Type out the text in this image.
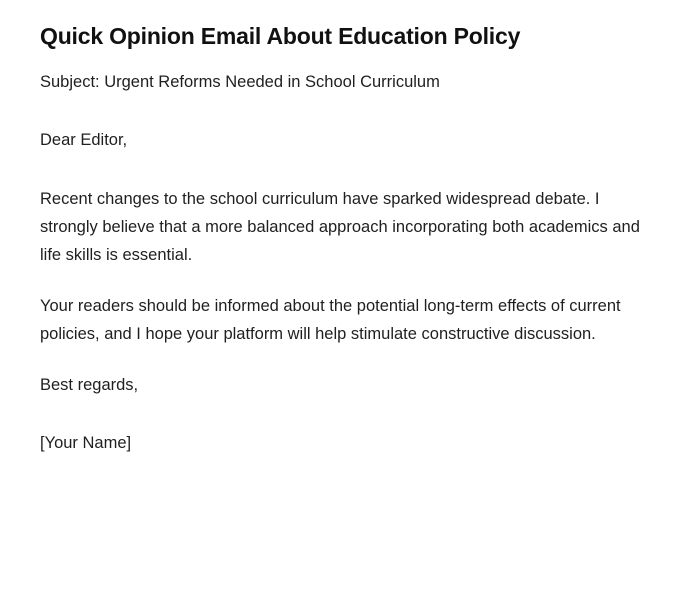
Quick Opinion Email About Education Policy

Subject: Urgent Reforms Needed in School Curriculum

Dear Editor,

Recent changes to the school curriculum have sparked widespread debate. I strongly believe that a more balanced approach incorporating both academics and life skills is essential.

Your readers should be informed about the potential long-term effects of current policies, and I hope your platform will help stimulate constructive discussion.

Best regards,

[Your Name]
